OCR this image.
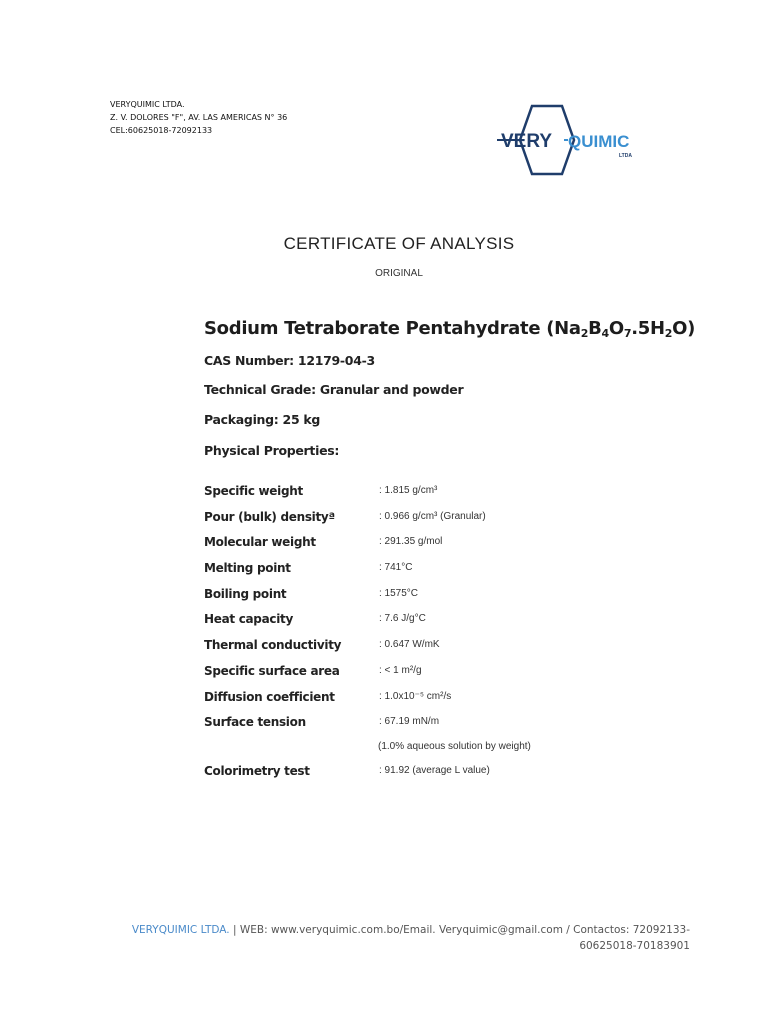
VERYQUIMIC LTDA.
Z. V. DOLORES "F", AV. LAS AMERICAS N° 36
CEL:60625018-72092133
VERY QUIMIC
LTDA
CERTIFICATE OF ANALYSIS
ORIGINAL
Sodium Tetraborate Pentahydrate $(Na_2B_4O_7.5H_2O)$
CAS Number: 12179-04-3
Technical Grade: Granular and powder
Packaging: 25 kg
Physical Properties:
Specific weight	: 1.815 g/cm³
Pour (bulk) densityª	: 0.966 g/cm³ (Granular)
Molecular weight	: 291.35 g/mol
Melting point	: 741°C
Boiling point	: 1575°C
Heat capacity	: 7.6 J/g°C
Thermal conductivity	: 0.647 W/mK
Specific surface area	: < 1 m²/g
Diffusion coefficient	: 1.0x10⁻⁵ cm²/s
Surface tension	: 67.19 mN/m
(1.0% aqueous solution by weight)
Colorimetry test	: 91.92 (average L value)
VERYQUIMIC LTDA. | WEB: www.veryquimic.com.bo/Email. Veryquimic@gmail.com / Contactos: 72092133-
60625018-70183901
